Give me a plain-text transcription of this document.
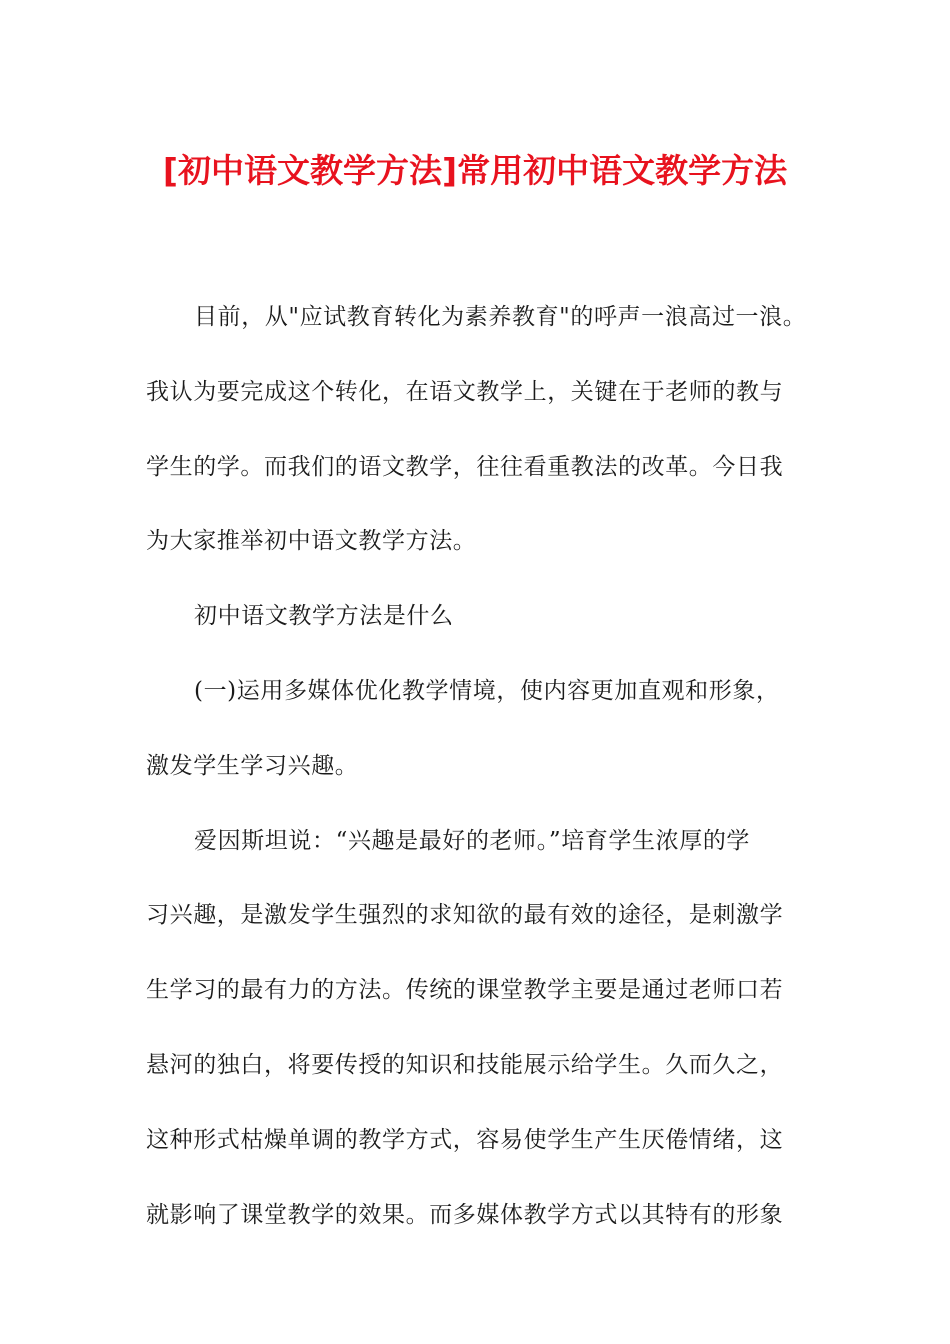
[初中语文教学方法]常用初中语文教学方法

目前，从"应试教育转化为素养教育"的呼声一浪高过一浪。
我认为要完成这个转化，在语文教学上，关键在于老师的教与
学生的学。而我们的语文教学，往往看重教法的改革。今日我
为大家推举初中语文教学方法。

初中语文教学方法是什么

(一)运用多媒体优化教学情境，使内容更加直观和形象，
激发学生学习兴趣。

爱因斯坦说：“兴趣是最好的老师。”培育学生浓厚的学
习兴趣，是激发学生强烈的求知欲的最有效的途径，是刺激学
生学习的最有力的方法。传统的课堂教学主要是通过老师口若
悬河的独白，将要传授的知识和技能展示给学生。久而久之，
这种形式枯燥单调的教学方式，容易使学生产生厌倦情绪，这
就影响了课堂教学的效果。而多媒体教学方式以其特有的形象
